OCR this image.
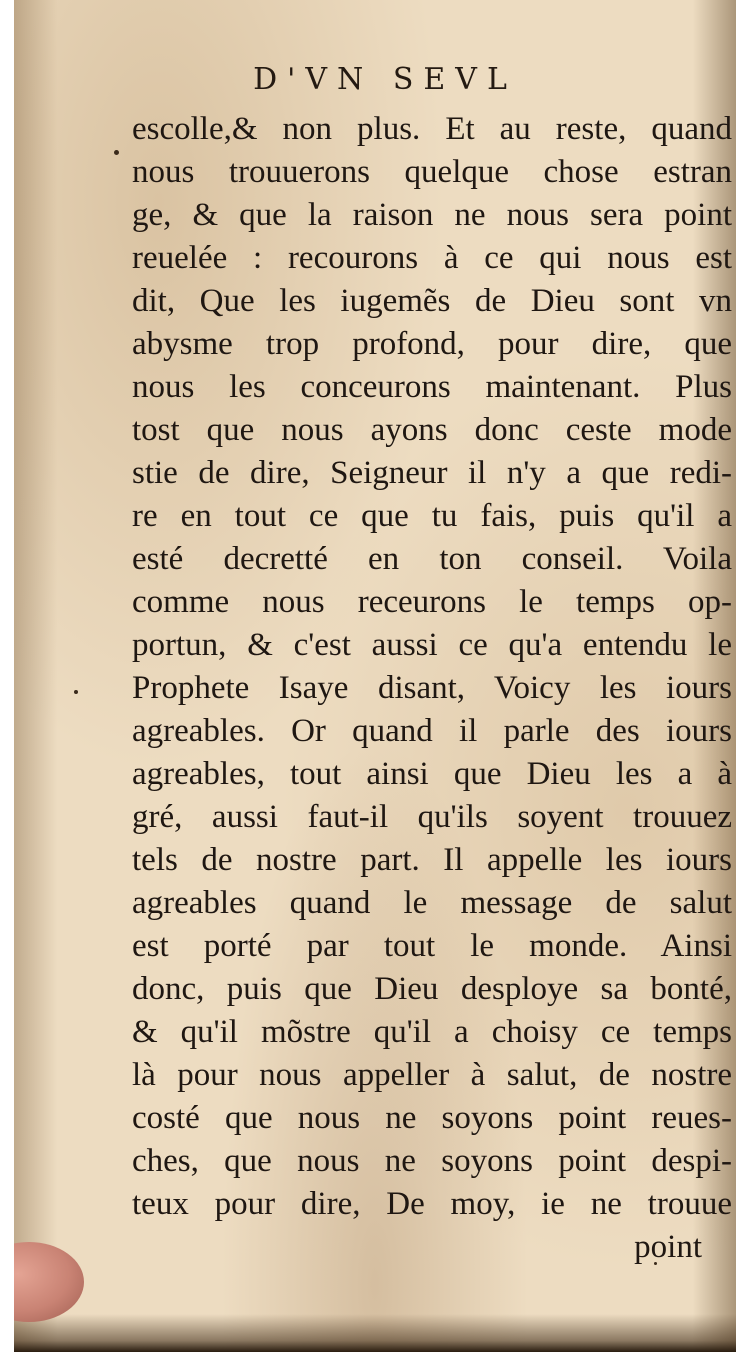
D'VN SEVL
escolle,& non plus. Et au reste, quand
nous trouuerons quelque chose estran
ge, & que la raison ne nous sera point
reuelée : recourons à ce qui nous est
dit, Que les iugemẽs de Dieu sont vn
abysme trop profond, pour dire, que
nous les conceurons maintenant. Plus
tost que nous ayons donc ceste mode
stie de dire, Seigneur il n'y a que redi-
re en tout ce que tu fais, puis qu'il a
esté decretté en ton conseil. Voila
comme nous receurons le temps op-
portun, & c'est aussi ce qu'a entendu le
Prophete Isaye disant, Voicy les iours
agreables. Or quand il parle des iours
agreables, tout ainsi que Dieu les a à
gré, aussi faut-il qu'ils soyent trouuez
tels de nostre part. Il appelle les iours
agreables quand le message de salut
est porté par tout le monde. Ainsi
donc, puis que Dieu desploye sa bonté,
& qu'il mõstre qu'il a choisy ce temps
là pour nous appeller à salut, de nostre
costé que nous ne soyons point reues-
ches, que nous ne soyons point despi-
teux pour dire, De moy, ie ne trouue
point
